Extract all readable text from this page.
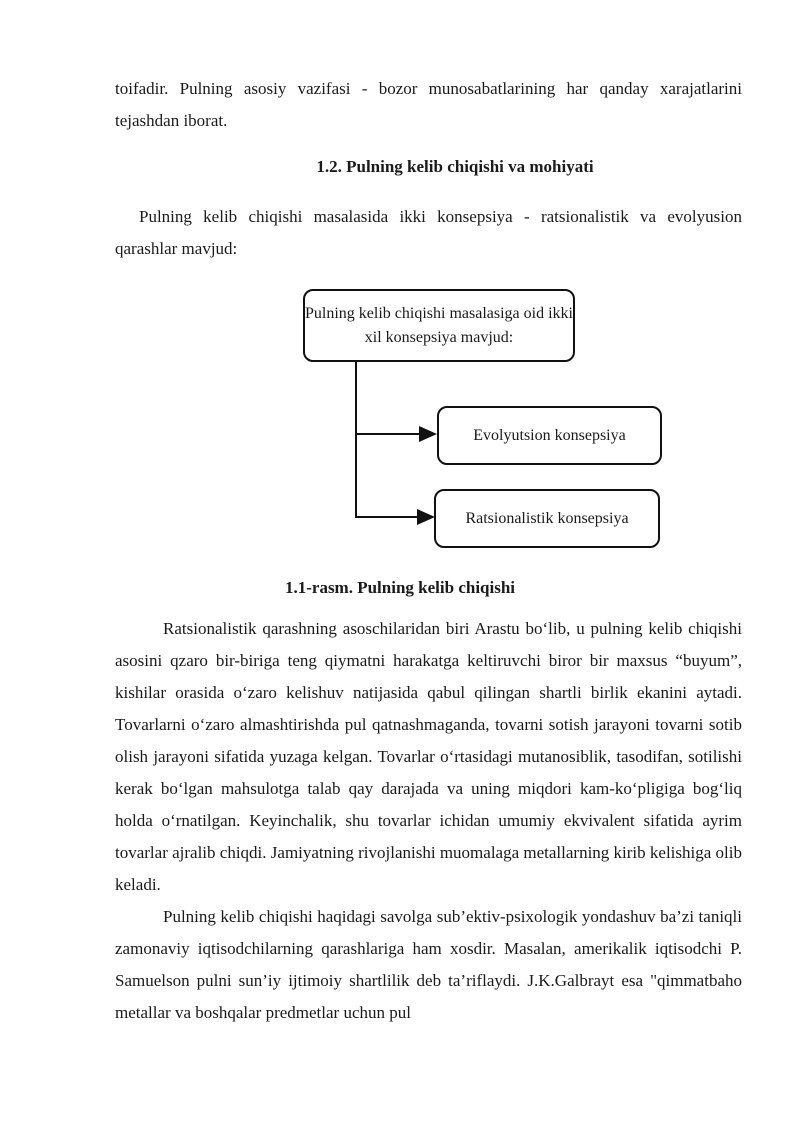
toifadir. Pulning asosiy vazifasi - bozor munosabatlarining har qanday xarajatlarini tejashdan iborat.

1.2. Pulning kelib chiqishi va mohiyati

Pulning kelib chiqishi masalasida ikki konsepsiya - ratsionalistik va evolyusion qarashlar mavjud:

Pulning kelib chiqishi masalasiga oid ikki xil konsepsiya mavjud:
Evolyutsion konsepsiya
Ratsionalistik konsepsiya

1.1-rasm. Pulning kelib chiqishi

Ratsionalistik qarashning asoschilaridan biri Arastu bo‘lib, u pulning kelib chiqishi asosini qzaro bir-biriga teng qiymatni harakatga keltiruvchi biror bir maxsus “buyum”, kishilar orasida o‘zaro kelishuv natijasida qabul qilingan shartli birlik ekanini aytadi. Tovarlarni o‘zaro almashtirishda pul qatnashmaganda, tovarni sotish jarayoni tovarni sotib olish jarayoni sifatida yuzaga kelgan. Tovarlar o‘rtasidagi mutanosiblik, tasodifan, sotilishi kerak bo‘lgan mahsulotga talab qay darajada va uning miqdori kam-ko‘pligiga bog‘liq holda o‘rnatilgan. Keyinchalik, shu tovarlar ichidan umumiy ekvivalent sifatida ayrim tovarlar ajralib chiqdi. Jamiyatning rivojlanishi muomalaga metallarning kirib kelishiga olib keladi.

Pulning kelib chiqishi haqidagi savolga sub’ektiv-psixologik yondashuv ba’zi taniqli zamonaviy iqtisodchilarning qarashlariga ham xosdir. Masalan, amerikalik iqtisodchi P. Samuelson pulni sun’iy ijtimoiy shartlilik deb ta’riflaydi. J.K.Galbrayt esa "qimmatbaho metallar va boshqalar predmetlar uchun pul
